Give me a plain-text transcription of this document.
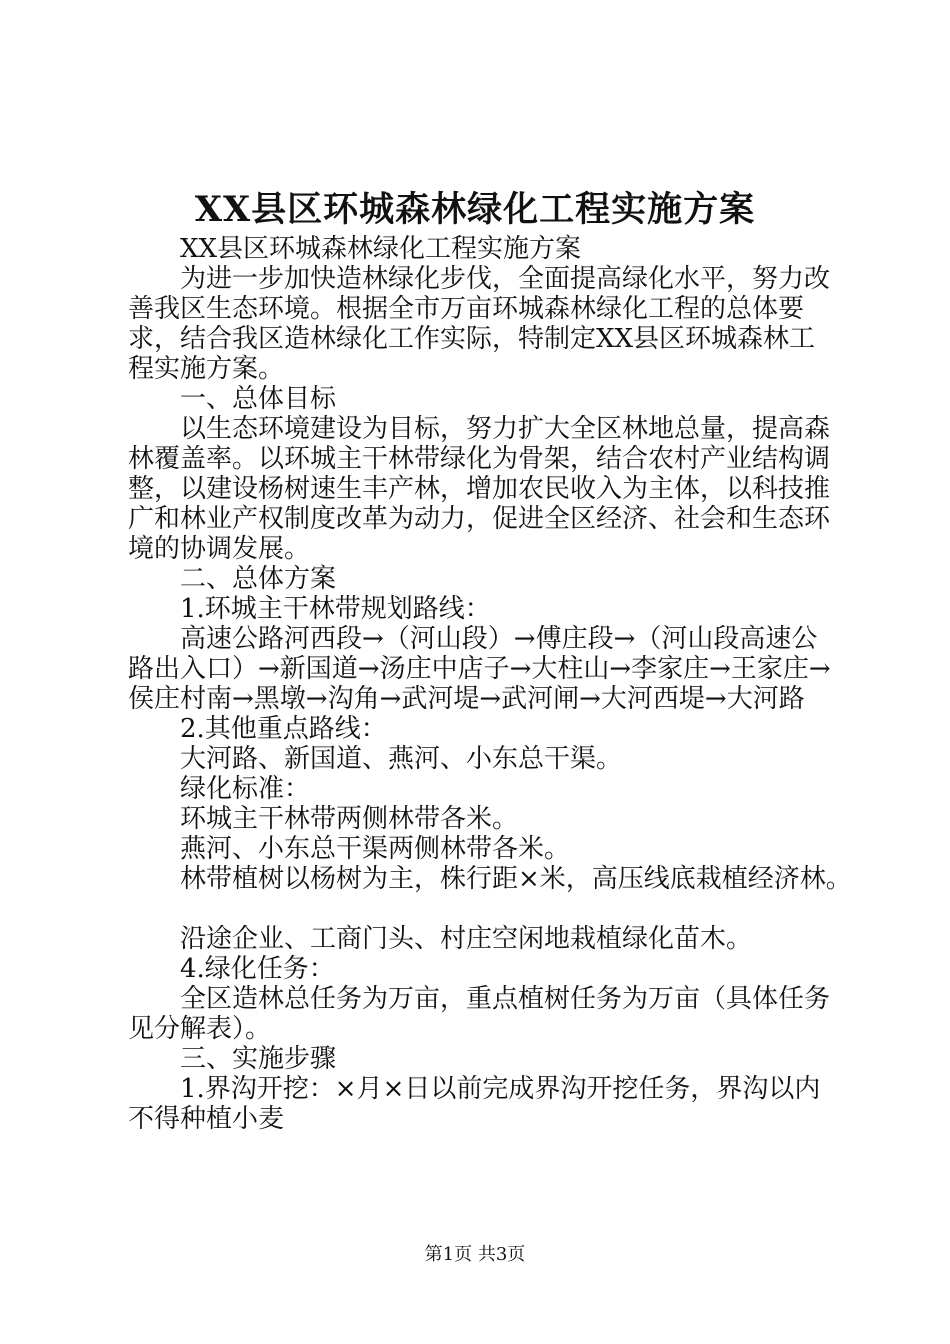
XX县区环城森林绿化工程实施方案

XX县区环城森林绿化工程实施方案

为进一步加快造林绿化步伐，全面提高绿化水平，努力改善我区生态环境。根据全市万亩环城森林绿化工程的总体要求，结合我区造林绿化工作实际，特制定XX县区环城森林工程实施方案。

一、总体目标

以生态环境建设为目标，努力扩大全区林地总量，提高森林覆盖率。以环城主干林带绿化为骨架，结合农村产业结构调整，以建设杨树速生丰产林，增加农民收入为主体，以科技推广和林业产权制度改革为动力，促进全区经济、社会和生态环境的协调发展。

二、总体方案

1.环城主干林带规划路线：

高速公路河西段→（河山段）→傅庄段→（河山段高速公路出入口）→新国道→汤庄中店子→大柱山→李家庄→王家庄→侯庄村南→黑墩→沟角→武河堤→武河闸→大河西堤→大河路

2.其他重点路线：

大河路、新国道、燕河、小东总干渠。

绿化标准：

环城主干林带两侧林带各米。

燕河、小东总干渠两侧林带各米。

林带植树以杨树为主，株行距×米，高压线底栽植经济林。

沿途企业、工商门头、村庄空闲地栽植绿化苗木。

4.绿化任务：

全区造林总任务为万亩，重点植树任务为万亩（具体任务见分解表）。

三、实施步骤

1.界沟开挖：×月×日以前完成界沟开挖任务，界沟以内不得种植小麦

第1页 共3页
